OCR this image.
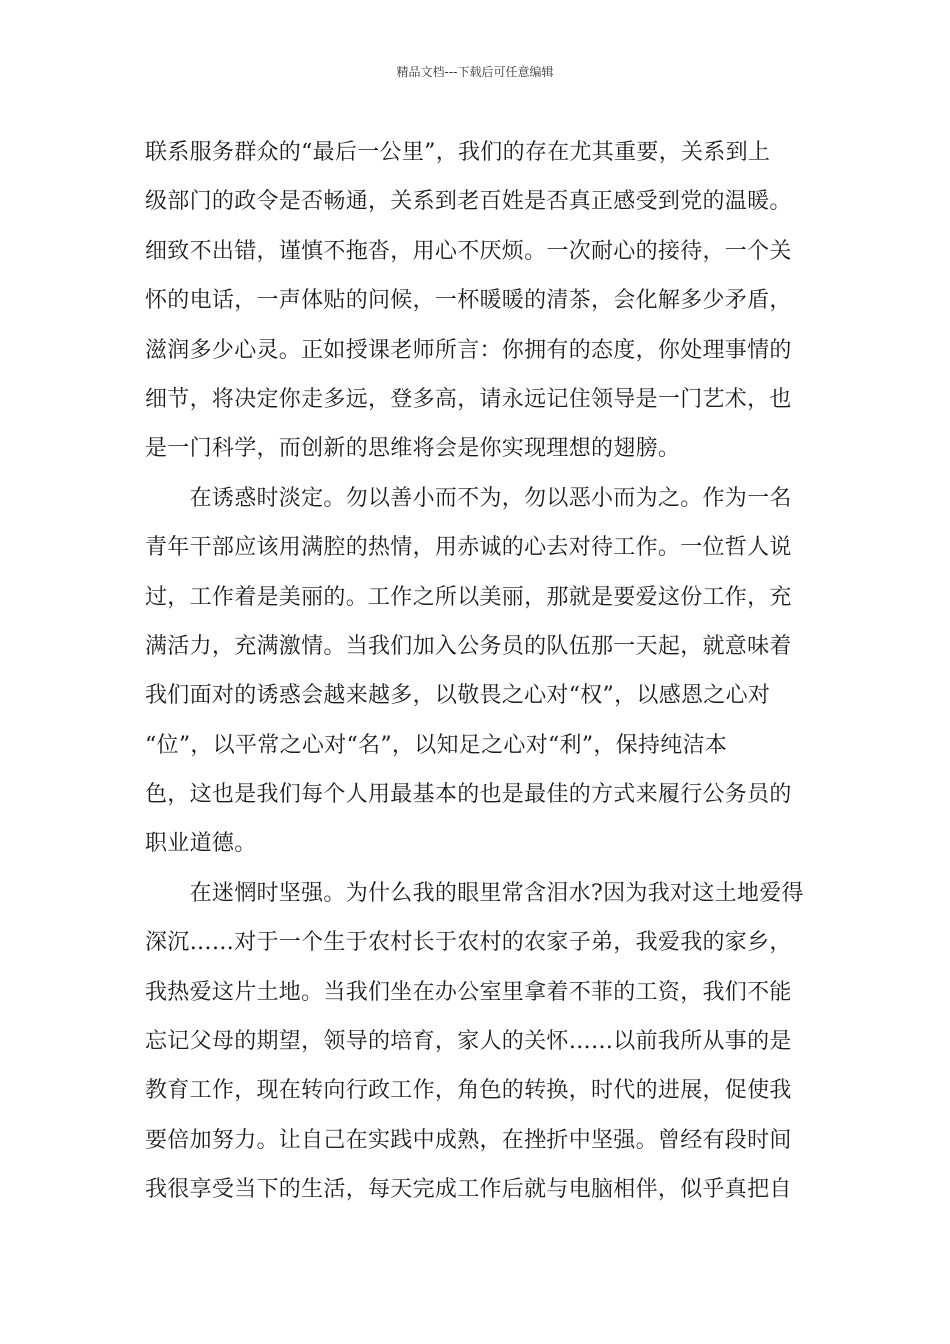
精品文档---下载后可任意编辑
联系服务群众的“最后一公里”，我们的存在尤其重要，关系到上
级部门的政令是否畅通，关系到老百姓是否真正感受到党的温暖。
细致不出错，谨慎不拖沓，用心不厌烦。一次耐心的接待，一个关
怀的电话，一声体贴的问候，一杯暖暖的清茶，会化解多少矛盾，
滋润多少心灵。正如授课老师所言：你拥有的态度，你处理事情的
细节，将决定你走多远，登多高，请永远记住领导是一门艺术，也
是一门科学，而创新的思维将会是你实现理想的翅膀。
　　在诱惑时淡定。勿以善小而不为，勿以恶小而为之。作为一名
青年干部应该用满腔的热情，用赤诚的心去对待工作。一位哲人说
过，工作着是美丽的。工作之所以美丽，那就是要爱这份工作，充
满活力，充满激情。当我们加入公务员的队伍那一天起，就意味着
我们面对的诱惑会越来越多，以敬畏之心对“权”，以感恩之心对
“位”，以平常之心对“名”，以知足之心对“利”，保持纯洁本
色，这也是我们每个人用最基本的也是最佳的方式来履行公务员的
职业道德。
　　在迷惘时坚强。为什么我的眼里常含泪水?因为我对这土地爱得
深沉……对于一个生于农村长于农村的农家子弟，我爱我的家乡，
我热爱这片土地。当我们坐在办公室里拿着不菲的工资，我们不能
忘记父母的期望，领导的培育，家人的关怀……以前我所从事的是
教育工作，现在转向行政工作，角色的转换，时代的进展，促使我
要倍加努力。让自己在实践中成熟，在挫折中坚强。曾经有段时间
我很享受当下的生活，每天完成工作后就与电脑相伴，似乎真把自
